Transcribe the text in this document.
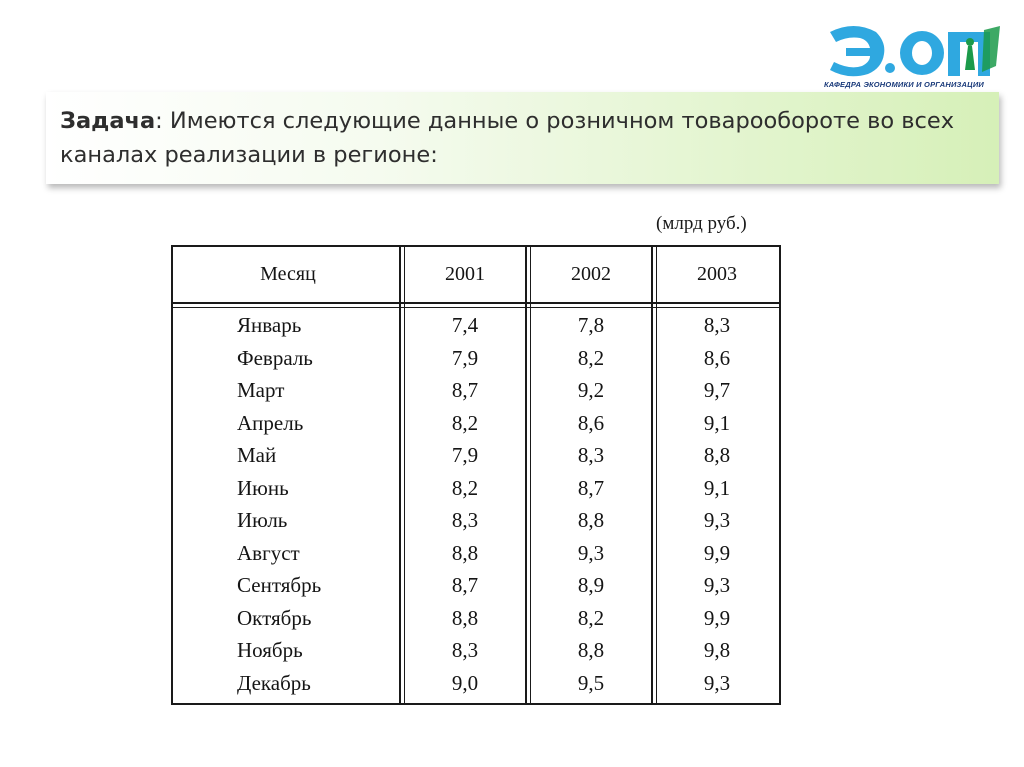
КАФЕДРА ЭКОНОМИКИ И ОРГАНИЗАЦИИ
Задача: Имеются следующие данные о розничном товарообороте во всех каналах реализации в регионе:
(млрд руб.)
Месяц	2001	2002	2003
Январь	7,4	7,8	8,3
Февраль	7,9	8,2	8,6
Март	8,7	9,2	9,7
Апрель	8,2	8,6	9,1
Май	7,9	8,3	8,8
Июнь	8,2	8,7	9,1
Июль	8,3	8,8	9,3
Август	8,8	9,3	9,9
Сентябрь	8,7	8,9	9,3
Октябрь	8,8	8,2	9,9
Ноябрь	8,3	8,8	9,8
Декабрь	9,0	9,5	9,3
